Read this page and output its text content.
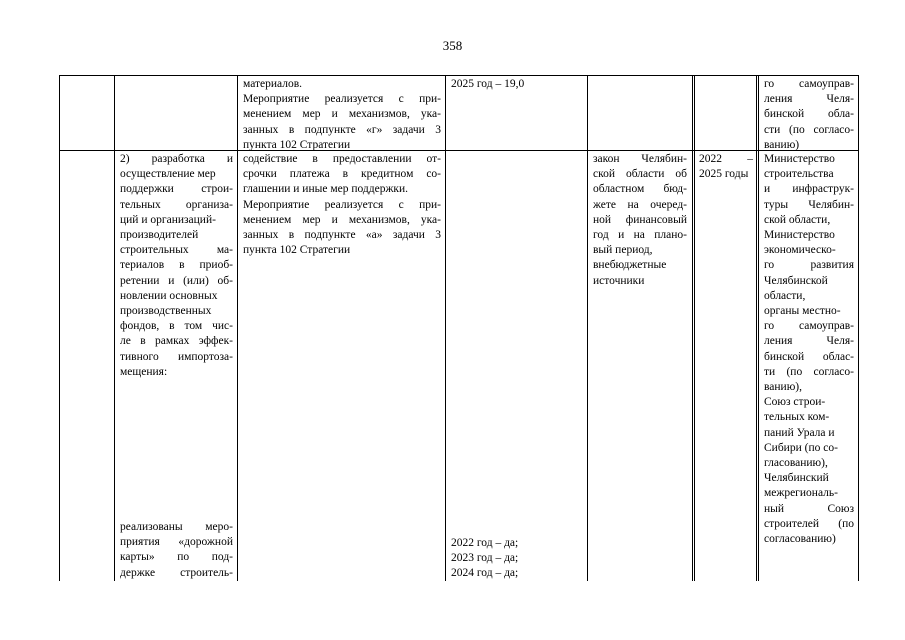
358
материалов.
Мероприятие реализуется с при-
менением мер и механизмов, ука-
занных в подпункте «г» задачи 3
пункта 102 Стратегии
2025 год – 19,0	го самоуправ-
ления Челя-
бинской обла-
сти (по согласо-
ванию)
2) разработка и
осуществление мер
поддержки строи-
тельных организа-
ций и организаций-
производителей
строительных ма-
териалов в приоб-
ретении и (или) об-
новлении основных
производственных
фондов, в том чис-
ле в рамках эффек-
тивного импортоза-
мещения:
реализованы меро-
приятия «дорожной
карты» по под-
держке строитель-
содействие в предоставлении от-
срочки платежа в кредитном со-
глашении и иные мер поддержки.
Мероприятие реализуется с при-
менением мер и механизмов, ука-
занных в подпункте «а» задачи 3
пункта 102 Стратегии
2022 год – да;
2023 год – да;
2024 год – да;
закон Челябин-
ской области об
областном бюд-
жете на очеред-
ной финансовый
год и на плано-
вый период,
внебюджетные
источники
2022 –
2025 годы
Министерство
строительства
и инфраструк-
туры Челябин-
ской области,
Министерство
экономическо-
го развития
Челябинской
области,
органы местно-
го самоуправ-
ления Челя-
бинской облас-
ти (по согласо-
ванию),
Союз строи-
тельных ком-
паний Урала и
Сибири (по со-
гласованию),
Челябинский
межрегиональ-
ный Союз
строителей (по
согласованию)
